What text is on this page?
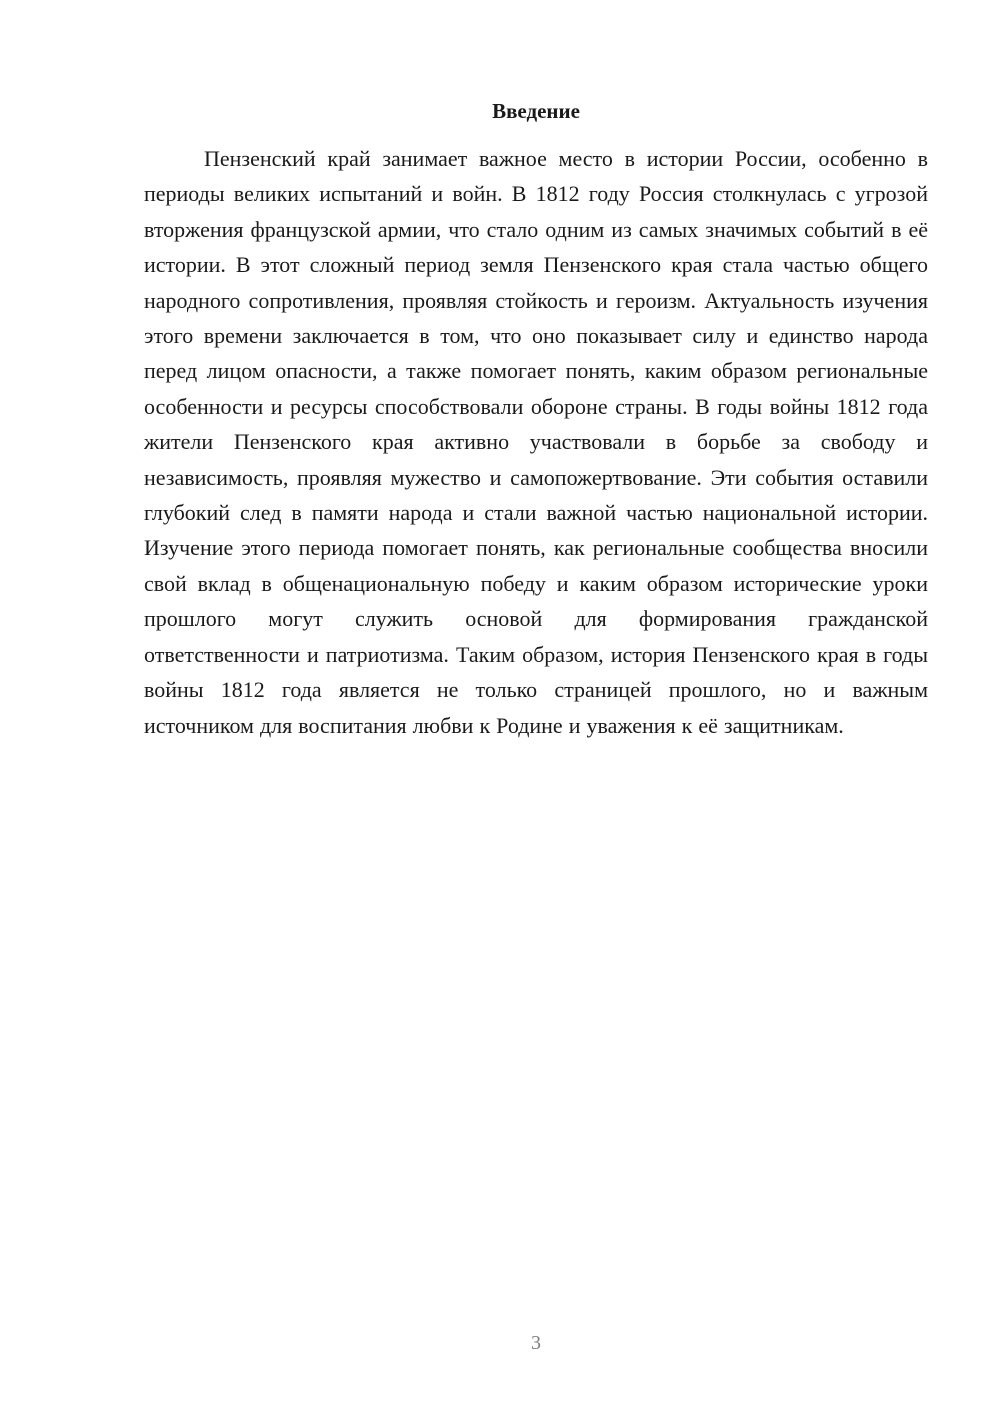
Введение

Пензенский край занимает важное место в истории России, особенно в периоды великих испытаний и войн. В 1812 году Россия столкнулась с угрозой вторжения французской армии, что стало одним из самых значимых событий в её истории. В этот сложный период земля Пензенского края стала частью общего народного сопротивления, проявляя стойкость и героизм. Актуальность изучения этого времени заключается в том, что оно показывает силу и единство народа перед лицом опасности, а также помогает понять, каким образом региональные особенности и ресурсы способствовали обороне страны. В годы войны 1812 года жители Пензенского края активно участвовали в борьбе за свободу и независимость, проявляя мужество и самопожертвование. Эти события оставили глубокий след в памяти народа и стали важной частью национальной истории. Изучение этого периода помогает понять, как региональные сообщества вносили свой вклад в общенациональную победу и каким образом исторические уроки прошлого могут служить основой для формирования гражданской ответственности и патриотизма. Таким образом, история Пензенского края в годы войны 1812 года является не только страницей прошлого, но и важным источником для воспитания любви к Родине и уважения к её защитникам.

3
